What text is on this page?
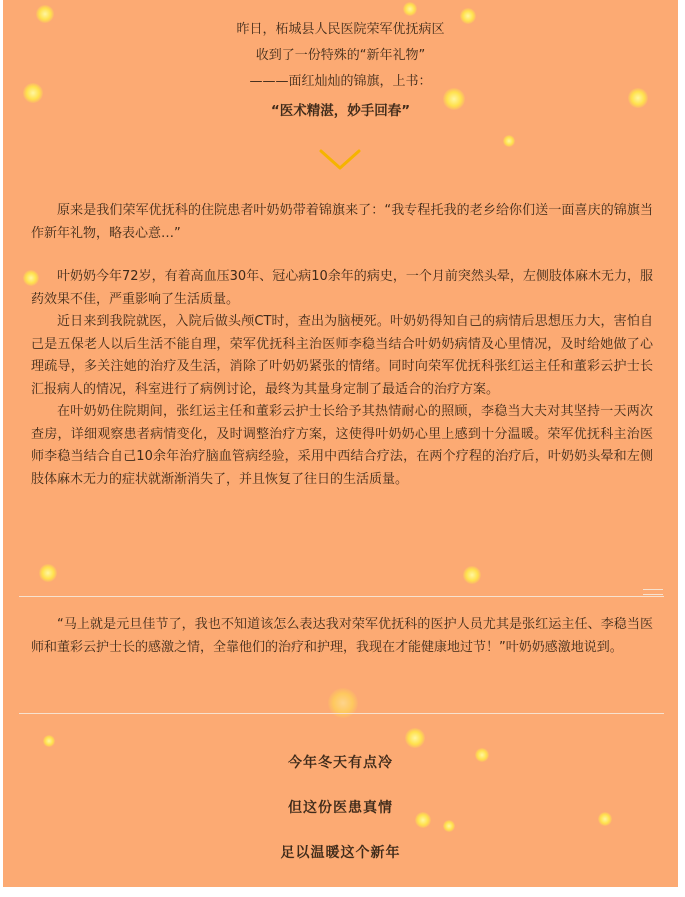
昨日，柘城县人民医院荣军优抚病区
收到了一份特殊的“新年礼物”
———面红灿灿的锦旗，上书：
“医术精湛，妙手回春”

原来是我们荣军优抚科的住院患者叶奶奶带着锦旗来了：“我专程托我的老乡给你们送一面喜庆的锦旗当作新年礼物，略表心意…”

叶奶奶今年72岁，有着高血压30年、冠心病10余年的病史，一个月前突然头晕，左侧肢体麻木无力，服药效果不佳，严重影响了生活质量。

近日来到我院就医，入院后做头颅CT时，查出为脑梗死。叶奶奶得知自己的病情后思想压力大，害怕自己是五保老人以后生活不能自理，荣军优抚科主治医师李稳当结合叶奶奶病情及心里情况，及时给她做了心理疏导，多关注她的治疗及生活，消除了叶奶奶紧张的情绪。同时向荣军优抚科张红运主任和董彩云护士长汇报病人的情况，科室进行了病例讨论，最终为其量身定制了最适合的治疗方案。

在叶奶奶住院期间，张红运主任和董彩云护士长给予其热情耐心的照顾，李稳当大夫对其坚持一天两次查房，详细观察患者病情变化，及时调整治疗方案，这使得叶奶奶心里上感到十分温暖。荣军优抚科主治医师李稳当结合自己10余年治疗脑血管病经验，采用中西结合疗法，在两个疗程的治疗后，叶奶奶头晕和左侧肢体麻木无力的症状就渐渐消失了，并且恢复了往日的生活质量。

“马上就是元旦佳节了，我也不知道该怎么表达我对荣军优抚科的医护人员尤其是张红运主任、李稳当医师和董彩云护士长的感激之情，全靠他们的治疗和护理，我现在才能健康地过节！”叶奶奶感激地说到。

今年冬天有点冷
但这份医患真情
足以温暖这个新年
